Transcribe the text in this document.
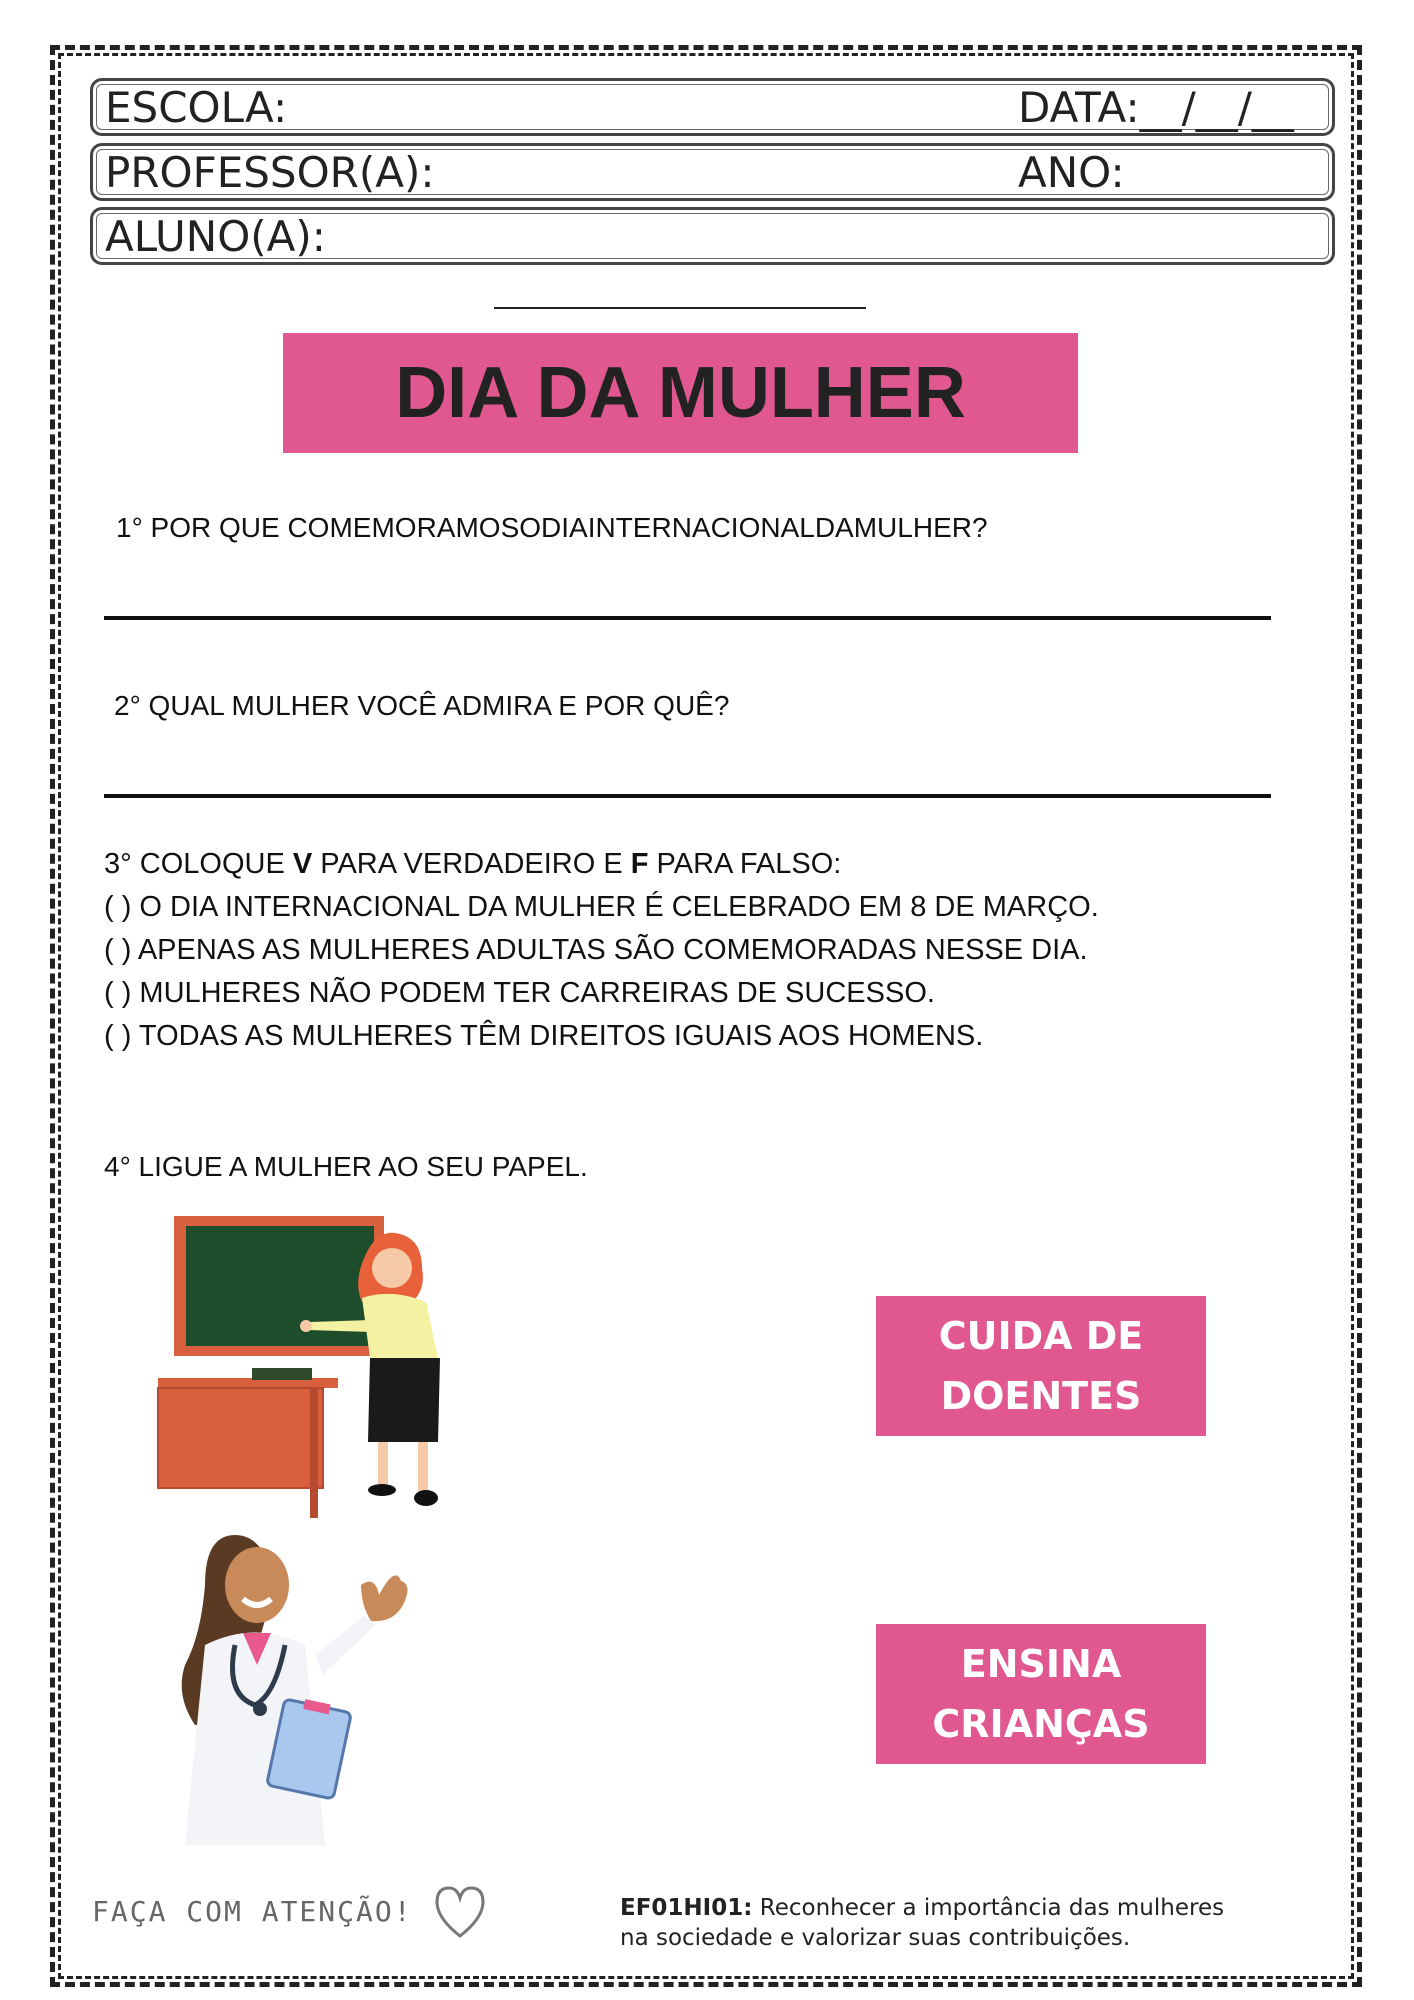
ESCOLA:	DATA:__/__/__
PROFESSOR(A):	ANO:
ALUNO(A):
DIA DA MULHER
1° POR QUE COMEMORAMOSODIAINTERNACIONALDAMULHER?
2° QUAL MULHER VOCÊ ADMIRA E POR QUÊ?
3° COLOQUE V PARA VERDADEIRO E F PARA FALSO:
( ) O DIA INTERNACIONAL DA MULHER É CELEBRADO EM 8 DE MARÇO.
( ) APENAS AS MULHERES ADULTAS SÃO COMEMORADAS NESSE DIA.
( ) MULHERES NÃO PODEM TER CARREIRAS DE SUCESSO.
( ) TODAS AS MULHERES TÊM DIREITOS IGUAIS AOS HOMENS.
4° LIGUE A MULHER AO SEU PAPEL.
CUIDA DE
DOENTES
ENSINA
CRIANÇAS
FAÇA COM ATENÇÃO!	EF01HI01: Reconhecer a importância das mulheres
na sociedade e valorizar suas contribuições.
